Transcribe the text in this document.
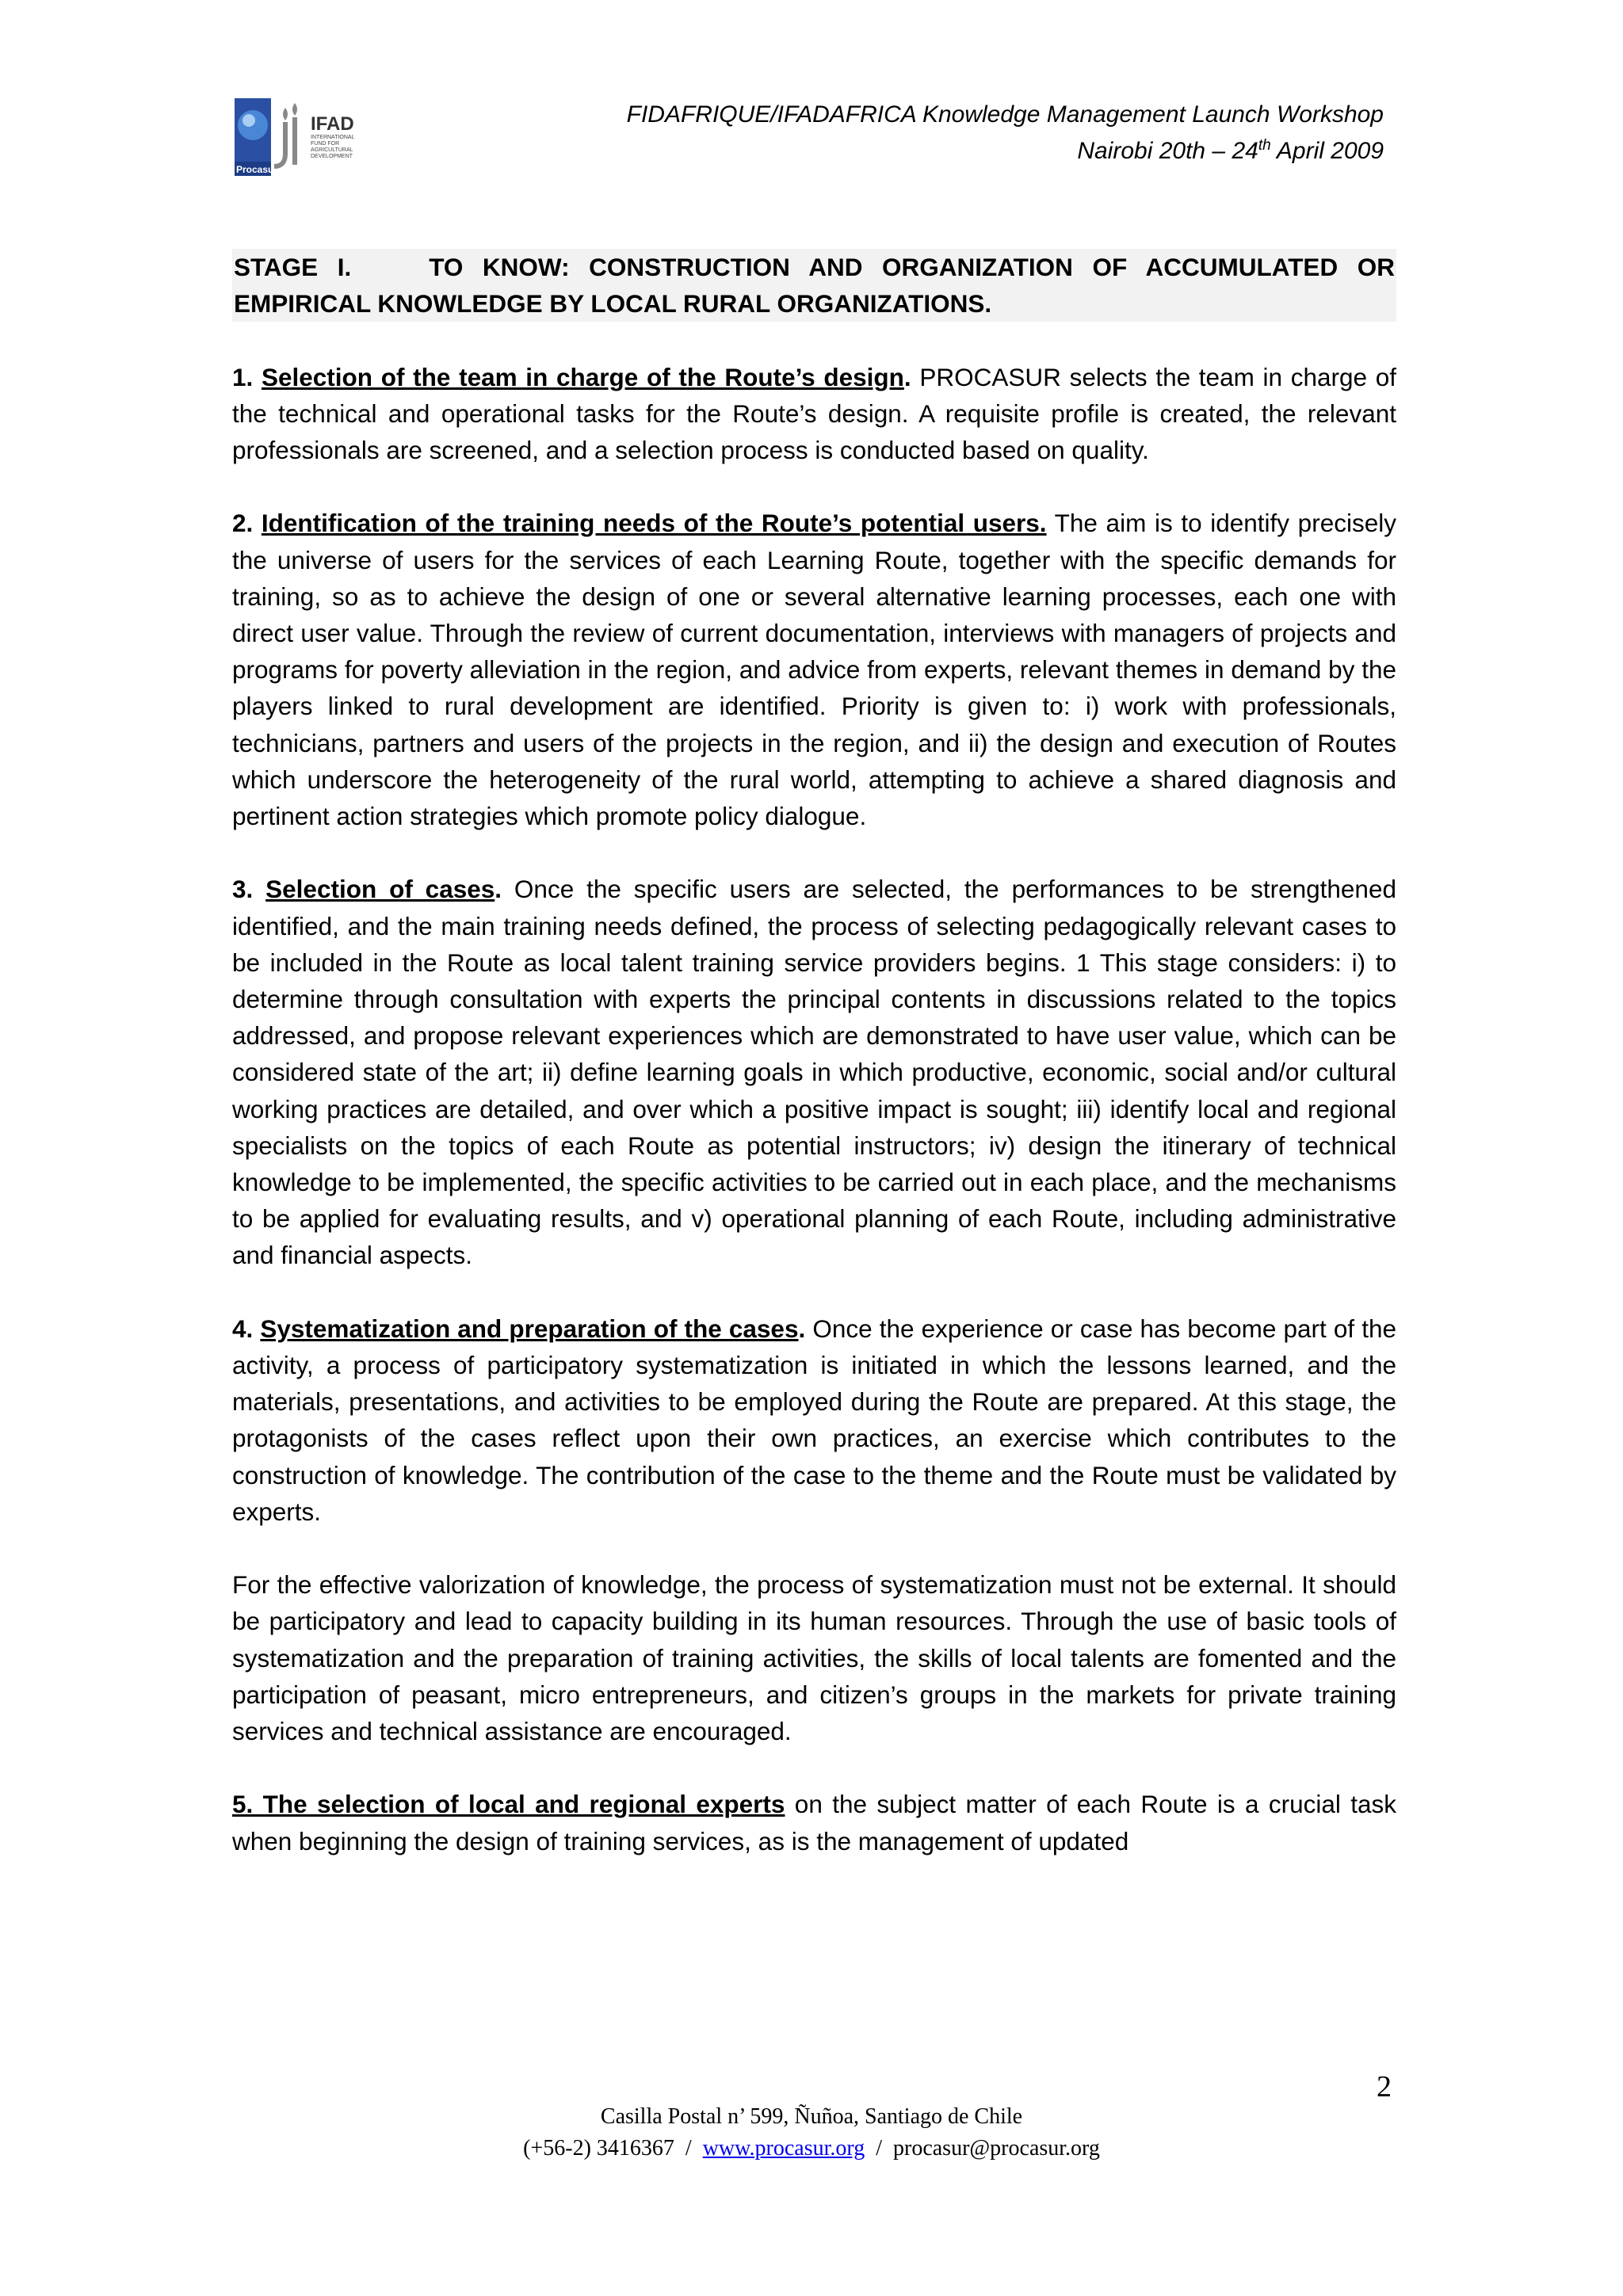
Procasur
IFAD
INTERNATIONAL FUND FOR AGRICULTURAL DEVELOPMENT
FIDAFRIQUE/IFADAFRICA Knowledge Management Launch Workshop
Nairobi 20th – 24th April 2009
STAGE I.	TO KNOW: CONSTRUCTION AND ORGANIZATION OF ACCUMULATED OR EMPIRICAL KNOWLEDGE BY LOCAL RURAL ORGANIZATIONS.

1. Selection of the team in charge of the Route’s design. PROCASUR selects the team in charge of the technical and operational tasks for the Route’s design. A requisite profile is created, the relevant professionals are screened, and a selection process is conducted based on quality.

2. Identification of the training needs of the Route’s potential users. The aim is to identify precisely the universe of users for the services of each Learning Route, together with the specific demands for training, so as to achieve the design of one or several alternative learning processes, each one with direct user value. Through the review of current documentation, interviews with managers of projects and programs for poverty alleviation in the region, and advice from experts, relevant themes in demand by the players linked to rural development are identified. Priority is given to: i) work with professionals, technicians, partners and users of the projects in the region, and ii) the design and execution of Routes which underscore the heterogeneity of the rural world, attempting to achieve a shared diagnosis and pertinent action strategies which promote policy dialogue.

3. Selection of cases. Once the specific users are selected, the performances to be strengthened identified, and the main training needs defined, the process of selecting pedagogically relevant cases to be included in the Route as local talent training service providers begins. 1 This stage considers: i) to determine through consultation with experts the principal contents in discussions related to the topics addressed, and propose relevant experiences which are demonstrated to have user value, which can be considered state of the art; ii) define learning goals in which productive, economic, social and/or cultural working practices are detailed, and over which a positive impact is sought; iii) identify local and regional specialists on the topics of each Route as potential instructors; iv) design the itinerary of technical knowledge to be implemented, the specific activities to be carried out in each place, and the mechanisms to be applied for evaluating results, and v) operational planning of each Route, including administrative and financial aspects.

4. Systematization and preparation of the cases. Once the experience or case has become part of the activity, a process of participatory systematization is initiated in which the lessons learned, and the materials, presentations, and activities to be employed during the Route are prepared. At this stage, the protagonists of the cases reflect upon their own practices, an exercise which contributes to the construction of knowledge. The contribution of the case to the theme and the Route must be validated by experts.

For the effective valorization of knowledge, the process of systematization must not be external. It should be participatory and lead to capacity building in its human resources. Through the use of basic tools of systematization and the preparation of training activities, the skills of local talents are fomented and the participation of peasant, micro entrepreneurs, and citizen’s groups in the markets for private training services and technical assistance are encouraged.

5. The selection of local and regional experts on the subject matter of each Route is a crucial task when beginning the design of training services, as is the management of updated

2
Casilla Postal n’ 599, Ñuñoa, Santiago de Chile
(+56-2) 3416367  /  www.procasur.org  /  procasur@procasur.org
